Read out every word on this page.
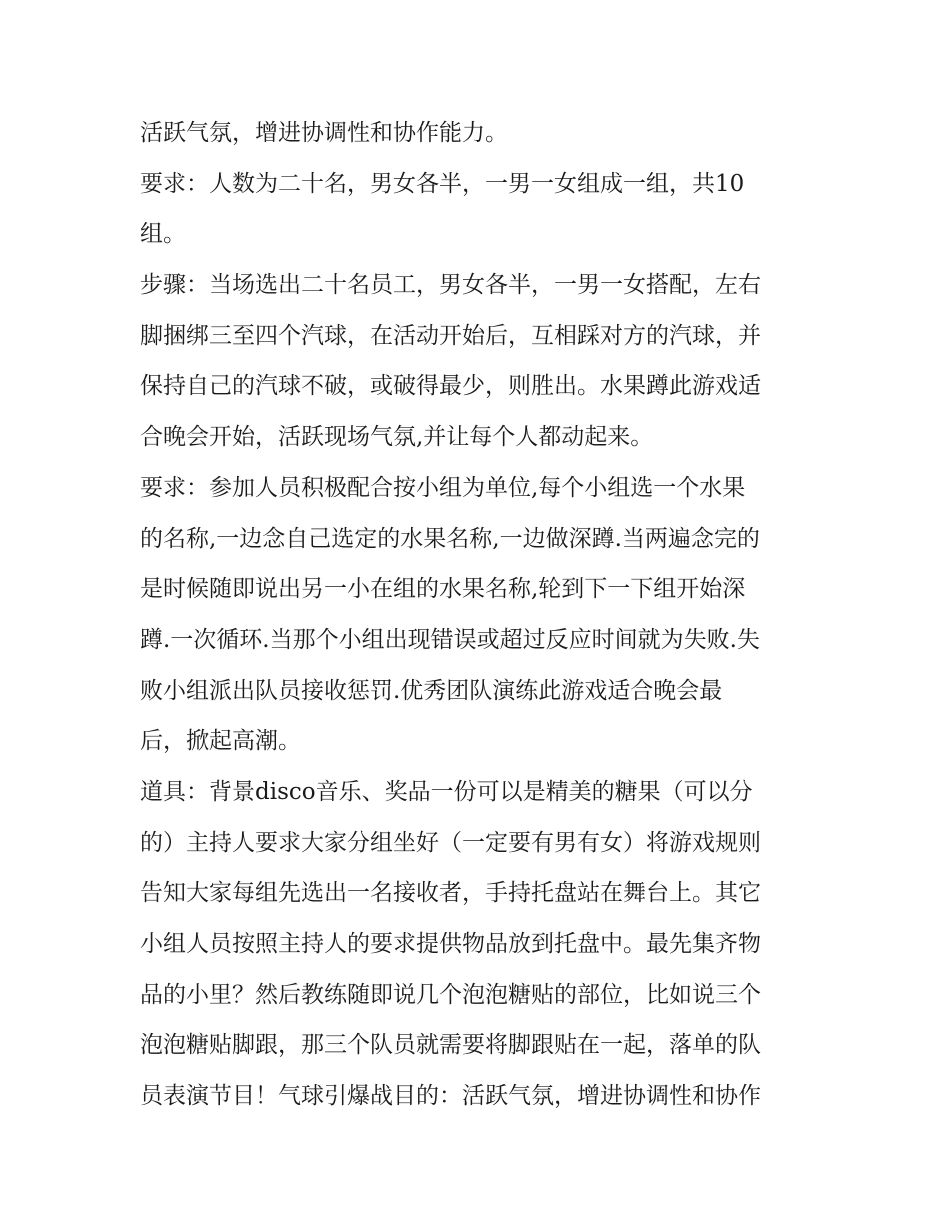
活跃气氛，增进协调性和协作能力。
要求：人数为二十名，男女各半，一男一女组成一组，共10
组。
步骤：当场选出二十名员工，男女各半，一男一女搭配，左右
脚捆绑三至四个汽球，在活动开始后，互相踩对方的汽球，并
保持自己的汽球不破，或破得最少，则胜出。水果蹲此游戏适
合晚会开始，活跃现场气氛,并让每个人都动起来。
要求：参加人员积极配合按小组为单位,每个小组选一个水果
的名称,一边念自己选定的水果名称,一边做深蹲.当两遍念完的
是时候随即说出另一小在组的水果名称,轮到下一下组开始深
蹲.一次循环.当那个小组出现错误或超过反应时间就为失败.失
败小组派出队员接收惩罚.优秀团队演练此游戏适合晚会最
后，掀起高潮。
道具：背景disco音乐、奖品一份可以是精美的糖果（可以分
的）主持人要求大家分组坐好（一定要有男有女）将游戏规则
告知大家每组先选出一名接收者，手持托盘站在舞台上。其它
小组人员按照主持人的要求提供物品放到托盘中。最先集齐物
品的小里？然后教练随即说几个泡泡糖贴的部位，比如说三个
泡泡糖贴脚跟，那三个队员就需要将脚跟贴在一起，落单的队
员表演节目！气球引爆战目的：活跃气氛，增进协调性和协作
